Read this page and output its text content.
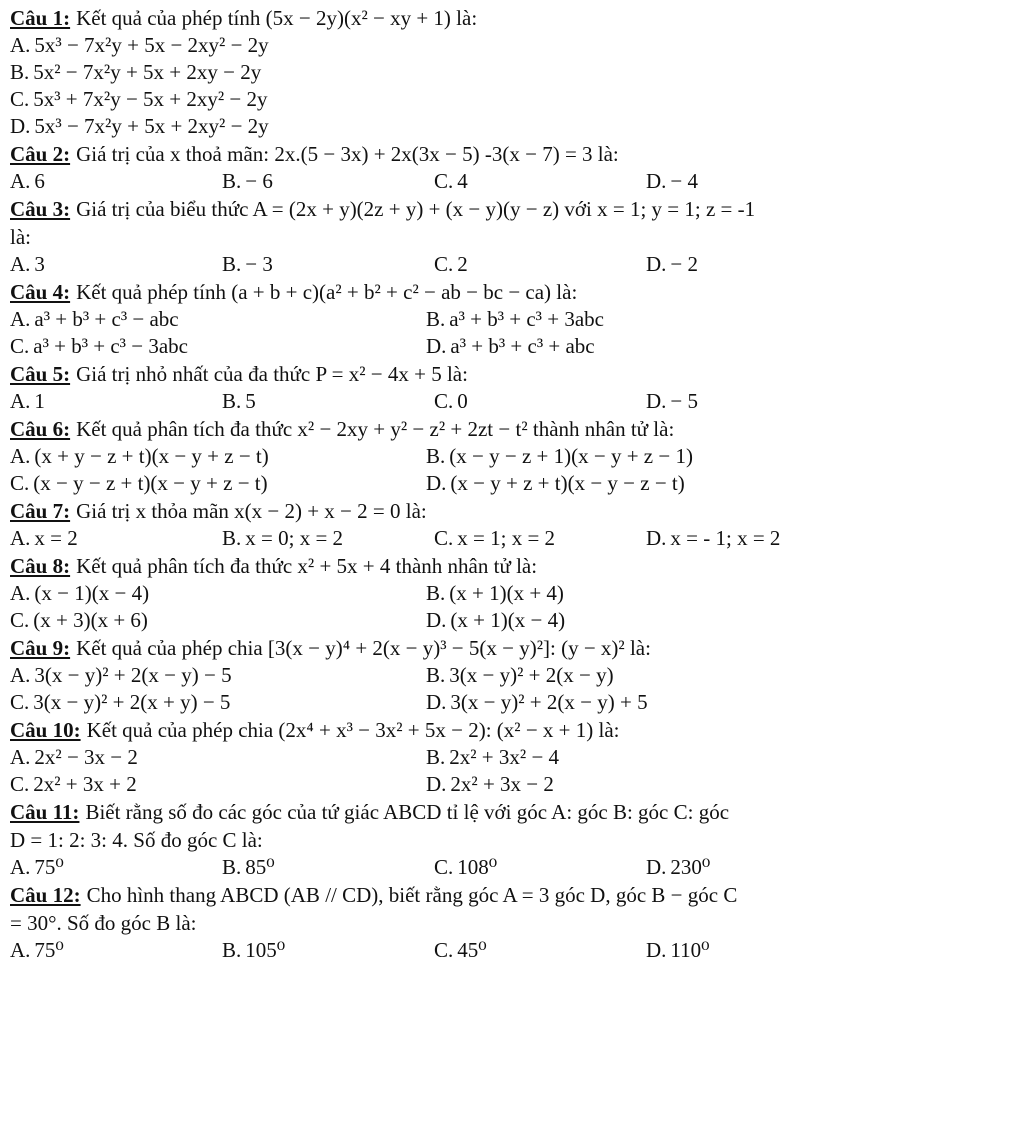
Câu 1: Kết quả của phép tính (5x − 2y)(x² − xy + 1) là:
A. 5x³ − 7x²y + 5x − 2xy² − 2y
B. 5x² − 7x²y + 5x + 2xy − 2y
C. 5x³ + 7x²y − 5x + 2xy² − 2y
D. 5x³ − 7x²y + 5x + 2xy² − 2y
Câu 2: Giá trị của x thoả mãn: 2x.(5 − 3x) + 2x(3x − 5) -3(x − 7) = 3 là:
A. 6	B. − 6	C. 4	D. − 4
Câu 3: Giá trị của biểu thức A = (2x + y)(2z + y) + (x − y)(y − z) với x = 1; y = 1; z = -1
là:
A. 3	B. − 3	C. 2	D. − 2
Câu 4: Kết quả phép tính (a + b + c)(a² + b² + c² − ab − bc − ca) là:
A. a³ + b³ + c³ − abc	B. a³ + b³ + c³ + 3abc
C. a³ + b³ + c³ − 3abc	D. a³ + b³ + c³ + abc
Câu 5: Giá trị nhỏ nhất của đa thức P = x² − 4x + 5 là:
A. 1	B. 5	C. 0	D. − 5
Câu 6: Kết quả phân tích đa thức x² − 2xy + y² − z² + 2zt − t² thành nhân tử là:
A. (x + y − z + t)(x − y + z − t)	B. (x − y − z + 1)(x − y + z − 1)
C. (x − y − z + t)(x − y + z − t)	D. (x − y + z + t)(x − y − z − t)
Câu 7: Giá trị x thỏa mãn x(x − 2) + x − 2 = 0 là:
A. x = 2	B. x = 0; x = 2	C. x = 1; x = 2	D. x = - 1; x = 2
Câu 8: Kết quả phân tích đa thức x² + 5x + 4 thành nhân tử là:
A. (x − 1)(x − 4)	B. (x + 1)(x + 4)
C. (x + 3)(x + 6)	D. (x + 1)(x − 4)
Câu 9: Kết quả của phép chia [3(x − y)⁴ + 2(x − y)³ − 5(x − y)²]: (y − x)² là:
A. 3(x − y)² + 2(x − y) − 5	B. 3(x − y)² + 2(x − y)
C. 3(x − y)² + 2(x + y) − 5	D. 3(x − y)² + 2(x − y) + 5
Câu 10: Kết quả của phép chia (2x⁴ + x³ − 3x² + 5x − 2): (x² − x + 1) là:
A. 2x² − 3x − 2	B. 2x² + 3x² − 4
C. 2x² + 3x + 2	D. 2x² + 3x − 2
Câu 11: Biết rằng số đo các góc của tứ giác ABCD tỉ lệ với góc A: góc B: góc C: góc
D = 1: 2: 3: 4. Số đo góc C là:
A. 75⁰	B. 85⁰	C. 108⁰	D. 230⁰
Câu 12: Cho hình thang ABCD (AB // CD), biết rằng góc A = 3 góc D, góc B − góc C
= 30°. Số đo góc B là:
A. 75⁰	B. 105⁰	C. 45⁰	D. 110⁰
